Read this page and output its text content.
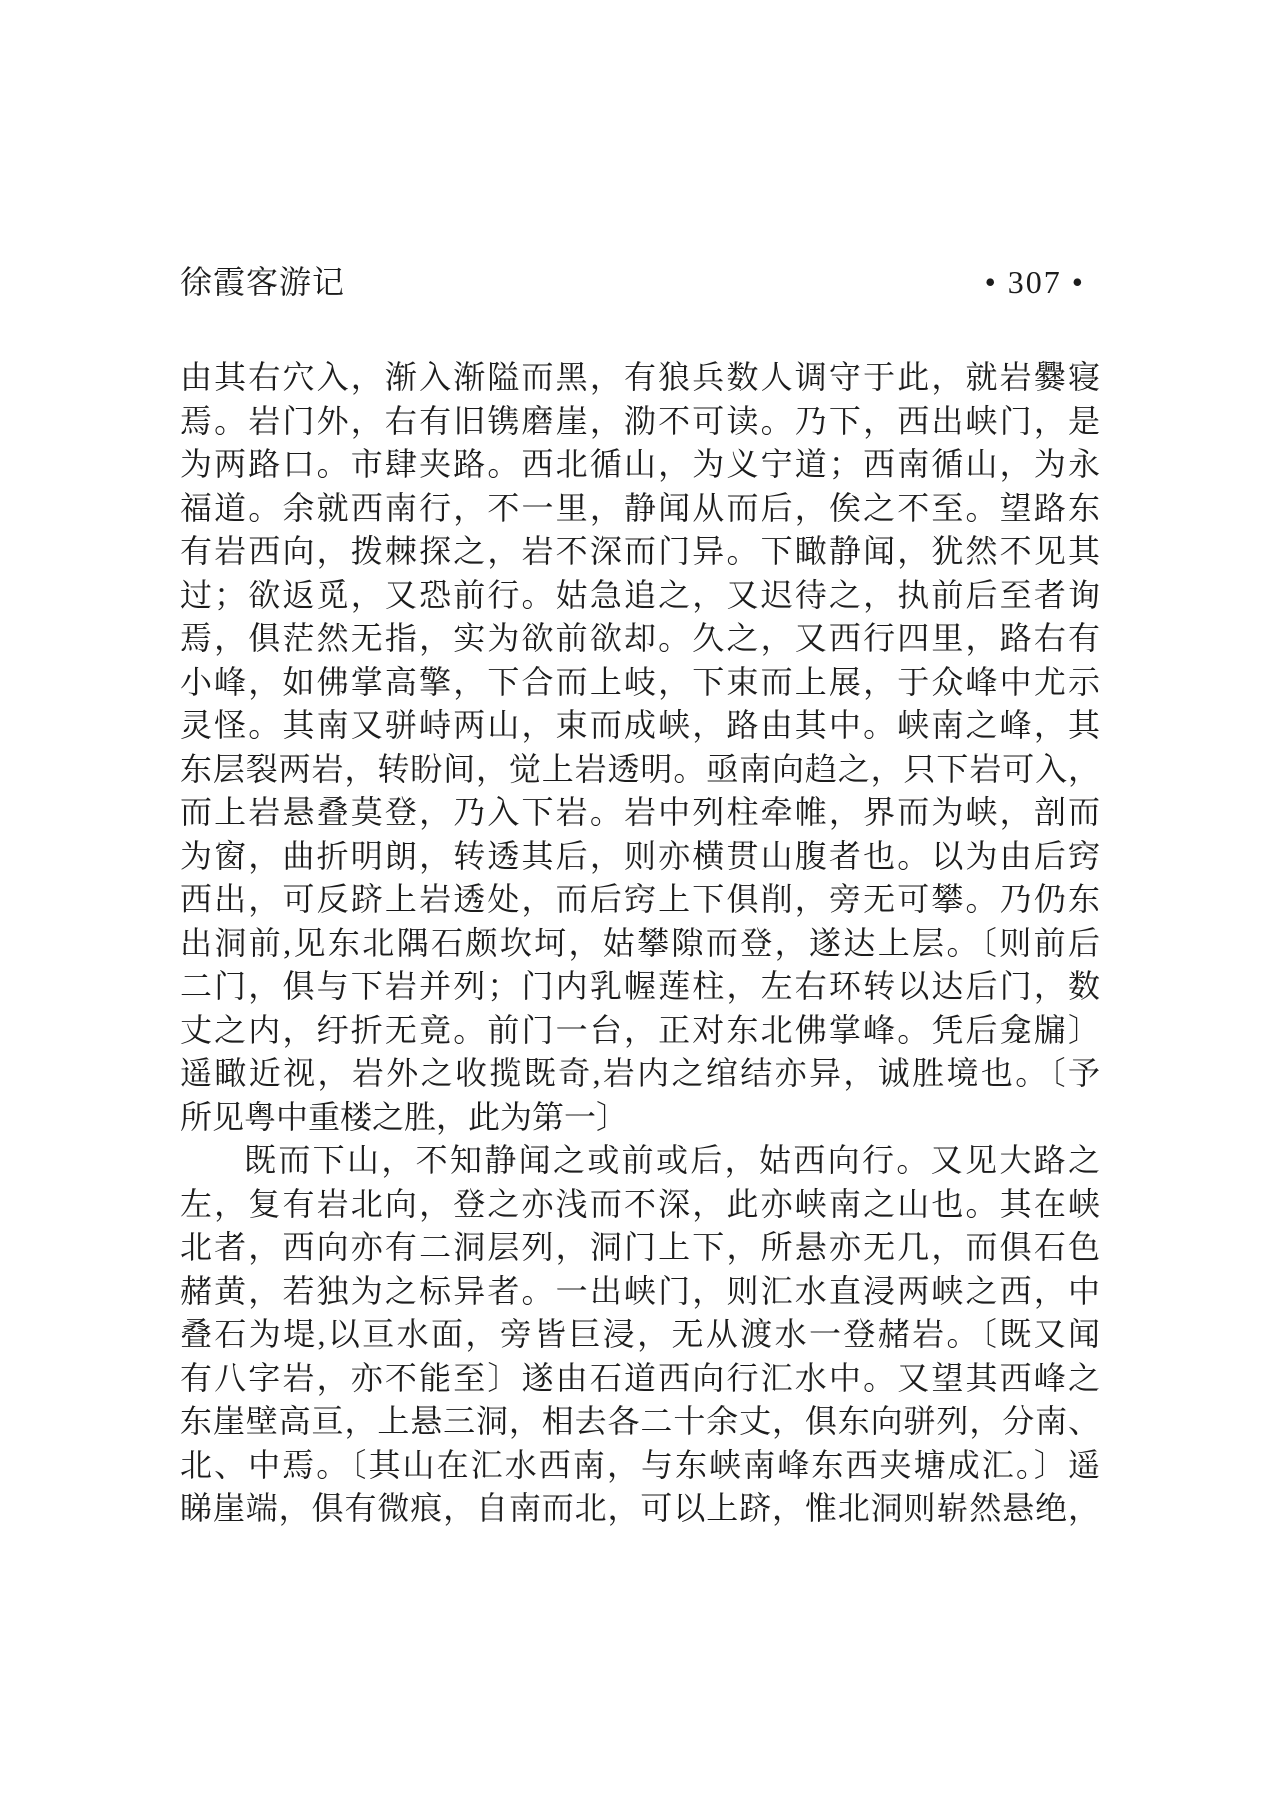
徐霞客游记	• 307 •
由其右穴入，渐入渐隘而黑，有狼兵数人调守于此，就岩爨寝
焉。岩门外，右有旧镌磨崖，泐不可读。乃下，西出峡门，是
为两路口。市肆夹路。西北循山，为义宁道；西南循山，为永
福道。余就西南行，不一里，静闻从而后，俟之不至。望路东
有岩西向，拨棘探之，岩不深而门异。下瞰静闻，犹然不见其
过；欲返觅，又恐前行。姑急追之，又迟待之，执前后至者询
焉，俱茫然无指，实为欲前欲却。久之，又西行四里，路右有
小峰，如佛掌高擎，下合而上岐，下束而上展，于众峰中尤示
灵怪。其南又骈峙两山，束而成峡，路由其中。峡南之峰，其
东层裂两岩，转盼间，觉上岩透明。亟南向趋之，只下岩可入，
而上岩悬叠莫登，乃入下岩。岩中列柱牵帷，界而为峡，剖而
为窗，曲折明朗，转透其后，则亦横贯山腹者也。以为由后窍
西出，可反跻上岩透处，而后窍上下俱削，旁无可攀。乃仍东
出洞前,见东北隅石颇坎坷，姑攀隙而登，遂达上层。〔则前后
二门，俱与下岩并列；门内乳幄莲柱，左右环转以达后门，数
丈之内，纡折无竟。前门一台，正对东北佛掌峰。凭后龛牖〕
遥瞰近视，岩外之收揽既奇,岩内之绾结亦异，诚胜境也。〔予
所见粤中重楼之胜，此为第一〕
既而下山，不知静闻之或前或后，姑西向行。又见大路之
左，复有岩北向，登之亦浅而不深，此亦峡南之山也。其在峡
北者，西向亦有二洞层列，洞门上下，所悬亦无几，而俱石色
赭黄，若独为之标异者。一出峡门，则汇水直浸两峡之西，中
叠石为堤,以亘水面，旁皆巨浸，无从渡水一登赭岩。〔既又闻
有八字岩，亦不能至〕遂由石道西向行汇水中。又望其西峰之
东崖壁高亘，上悬三洞，相去各二十余丈，俱东向骈列，分南、
北、中焉。〔其山在汇水西南，与东峡南峰东西夹塘成汇。〕遥
睇崖端，俱有微痕，自南而北，可以上跻，惟北洞则崭然悬绝，
